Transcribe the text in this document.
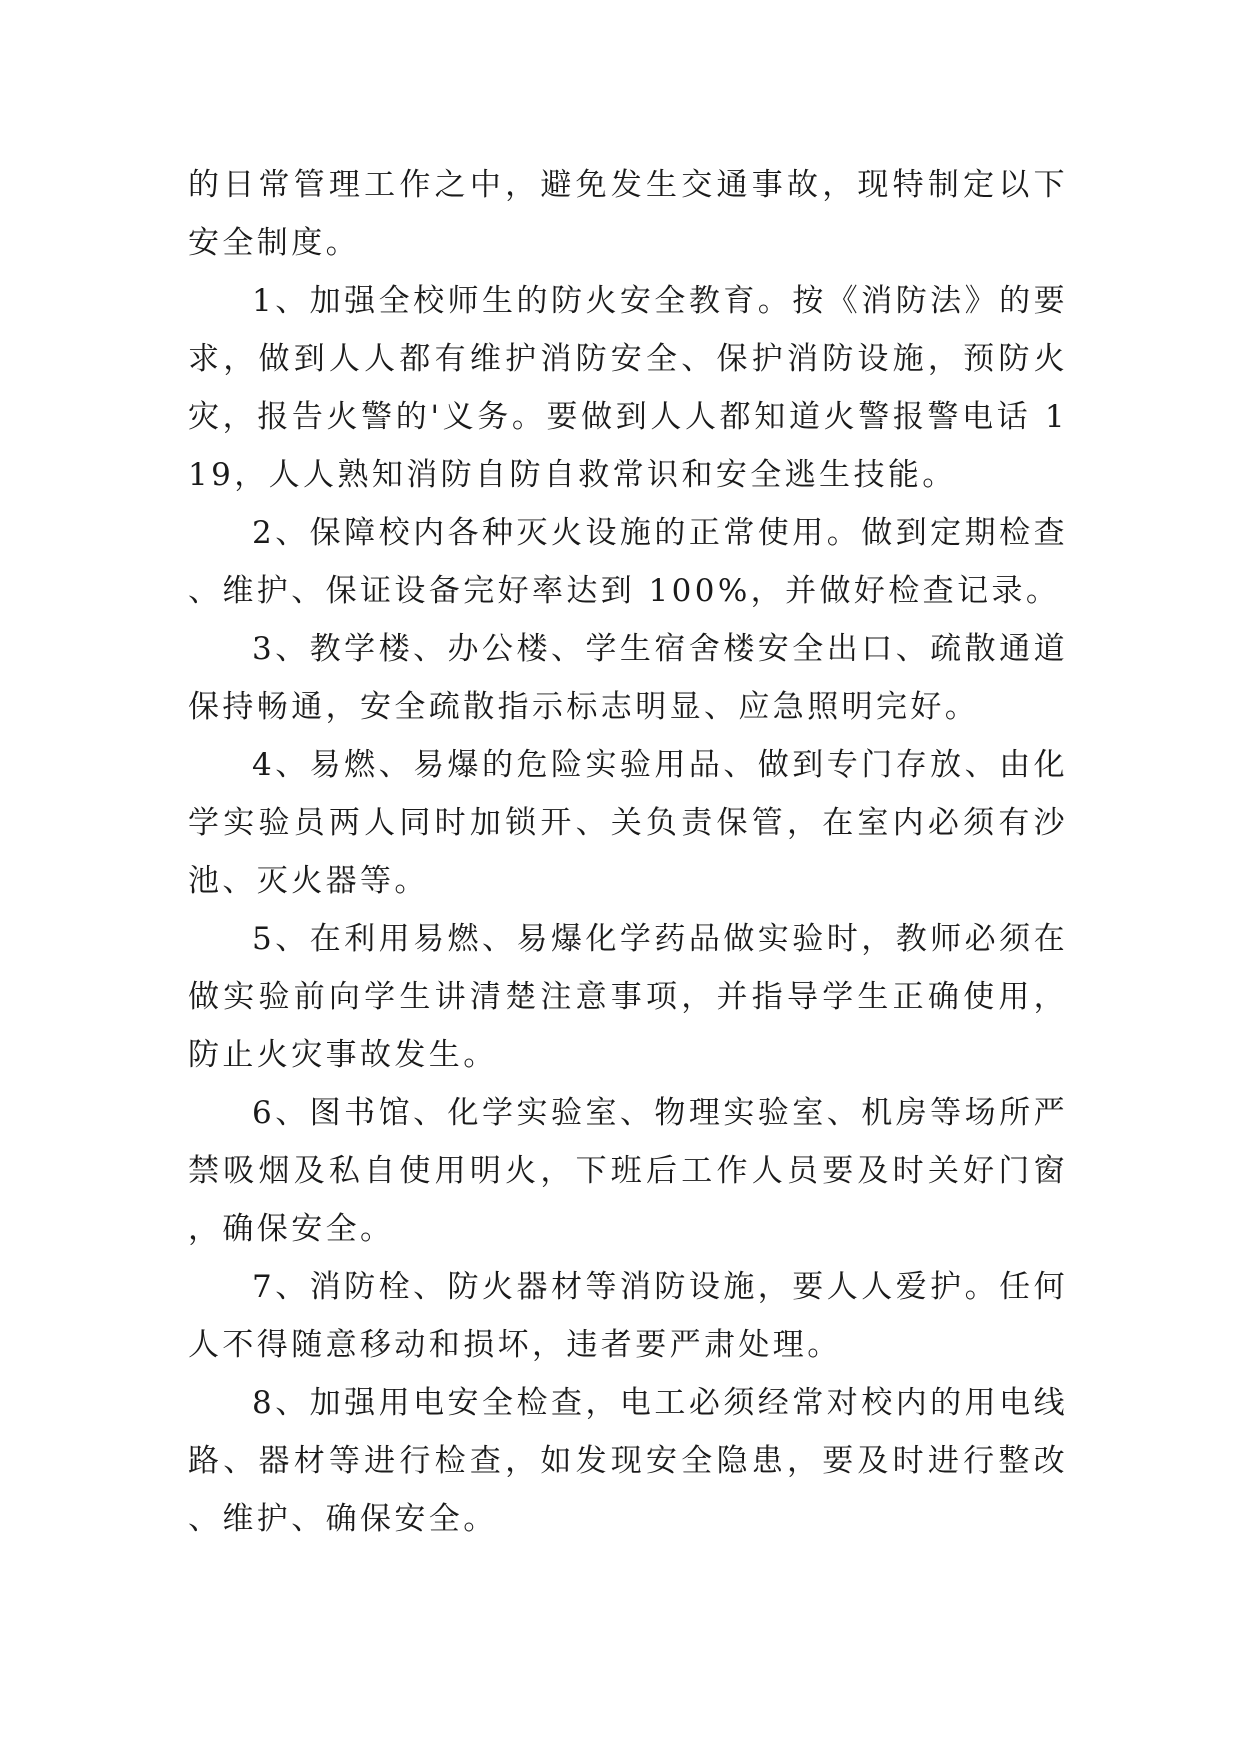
的日常管理工作之中，避免发生交通事故，现特制定以下安全制度。

1、加强全校师生的防火安全教育。按《消防法》的要求，做到人人都有维护消防安全、保护消防设施，预防火灾，报告火警的'义务。要做到人人都知道火警报警电话 119，人人熟知消防自防自救常识和安全逃生技能。

2、保障校内各种灭火设施的正常使用。做到定期检查、维护、保证设备完好率达到 100%，并做好检查记录。

3、教学楼、办公楼、学生宿舍楼安全出口、疏散通道保持畅通，安全疏散指示标志明显、应急照明完好。

4、易燃、易爆的危险实验用品、做到专门存放、由化学实验员两人同时加锁开、关负责保管，在室内必须有沙池、灭火器等。

5、在利用易燃、易爆化学药品做实验时，教师必须在做实验前向学生讲清楚注意事项，并指导学生正确使用，防止火灾事故发生。

6、图书馆、化学实验室、物理实验室、机房等场所严禁吸烟及私自使用明火，下班后工作人员要及时关好门窗，确保安全。

7、消防栓、防火器材等消防设施，要人人爱护。任何人不得随意移动和损坏，违者要严肃处理。

8、加强用电安全检查，电工必须经常对校内的用电线路、器材等进行检查，如发现安全隐患，要及时进行整改、维护、确保安全。
